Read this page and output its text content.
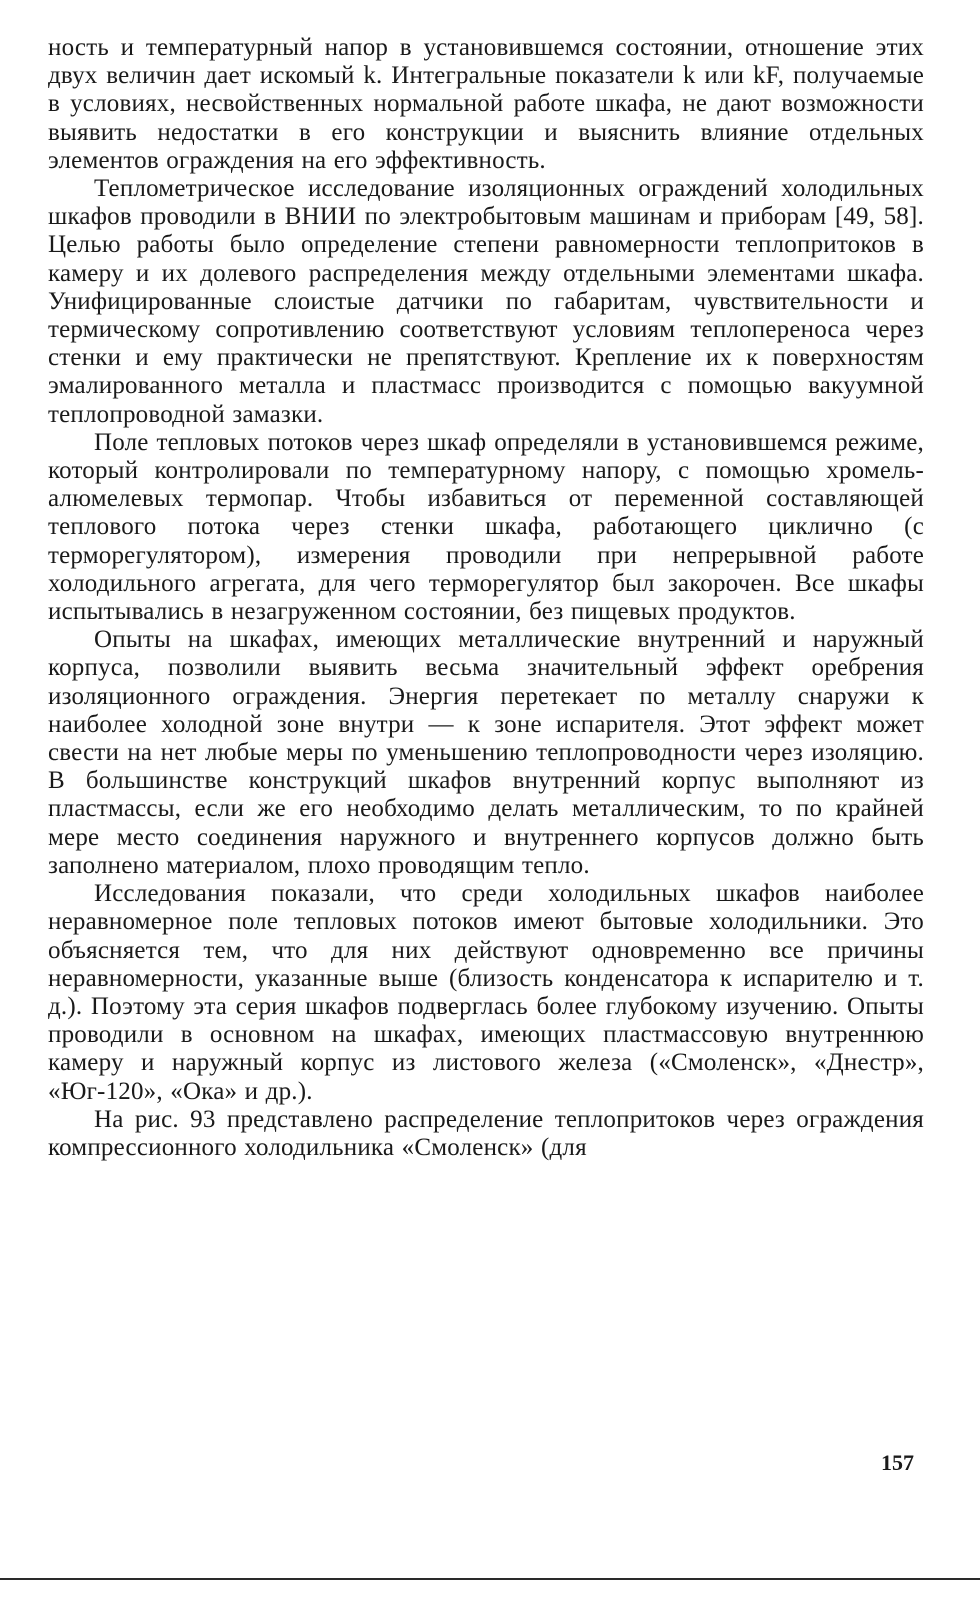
ность и температурный напор в установившемся состоянии, отношение этих двух величин дает искомый k. Интегральные показатели k или kF, получаемые в условиях, несвойственных нормальной работе шкафа, не дают возможности выявить недостатки в его конструкции и выяснить влияние отдельных элементов ограждения на его эффективность.

Теплометрическое исследование изоляционных ограждений холодильных шкафов проводили в ВНИИ по электробытовым машинам и приборам [49, 58]. Целью работы было определение степени равномерности теплопритоков в камеру и их долевого распределения между отдельными элементами шкафа. Унифицированные слоистые датчики по габаритам, чувствительности и термическому сопротивлению соответствуют условиям теплопереноса через стенки и ему практически не препятствуют. Крепление их к поверхностям эмалированного металла и пластмасс производится с помощью вакуумной теплопроводной замазки.

Поле тепловых потоков через шкаф определяли в установившемся режиме, который контролировали по температурному напору, с помощью хромель-алюмелевых термопар. Чтобы избавиться от переменной составляющей теплового потока через стенки шкафа, работающего циклично (с терморегулятором), измерения проводили при непрерывной работе холодильного агрегата, для чего терморегулятор был закорочен. Все шкафы испытывались в незагруженном состоянии, без пищевых продуктов.

Опыты на шкафах, имеющих металлические внутренний и наружный корпуса, позволили выявить весьма значительный эффект оребрения изоляционного ограждения. Энергия перетекает по металлу снаружи к наиболее холодной зоне внутри — к зоне испарителя. Этот эффект может свести на нет любые меры по уменьшению теплопроводности через изоляцию. В большинстве конструкций шкафов внутренний корпус выполняют из пластмассы, если же его необходимо делать металлическим, то по крайней мере место соединения наружного и внутреннего корпусов должно быть заполнено материалом, плохо проводящим тепло.

Исследования показали, что среди холодильных шкафов наиболее неравномерное поле тепловых потоков имеют бытовые холодильники. Это объясняется тем, что для них действуют одновременно все причины неравномерности, указанные выше (близость конденсатора к испарителю и т. д.). Поэтому эта серия шкафов подверглась более глубокому изучению. Опыты проводили в основном на шкафах, имеющих пластмассовую внутреннюю камеру и наружный корпус из листового железа («Смоленск», «Днестр», «Юг-120», «Ока» и др.).

На рис. 93 представлено распределение теплопритоков через ограждения компрессионного холодильника «Смоленск» (для

157
